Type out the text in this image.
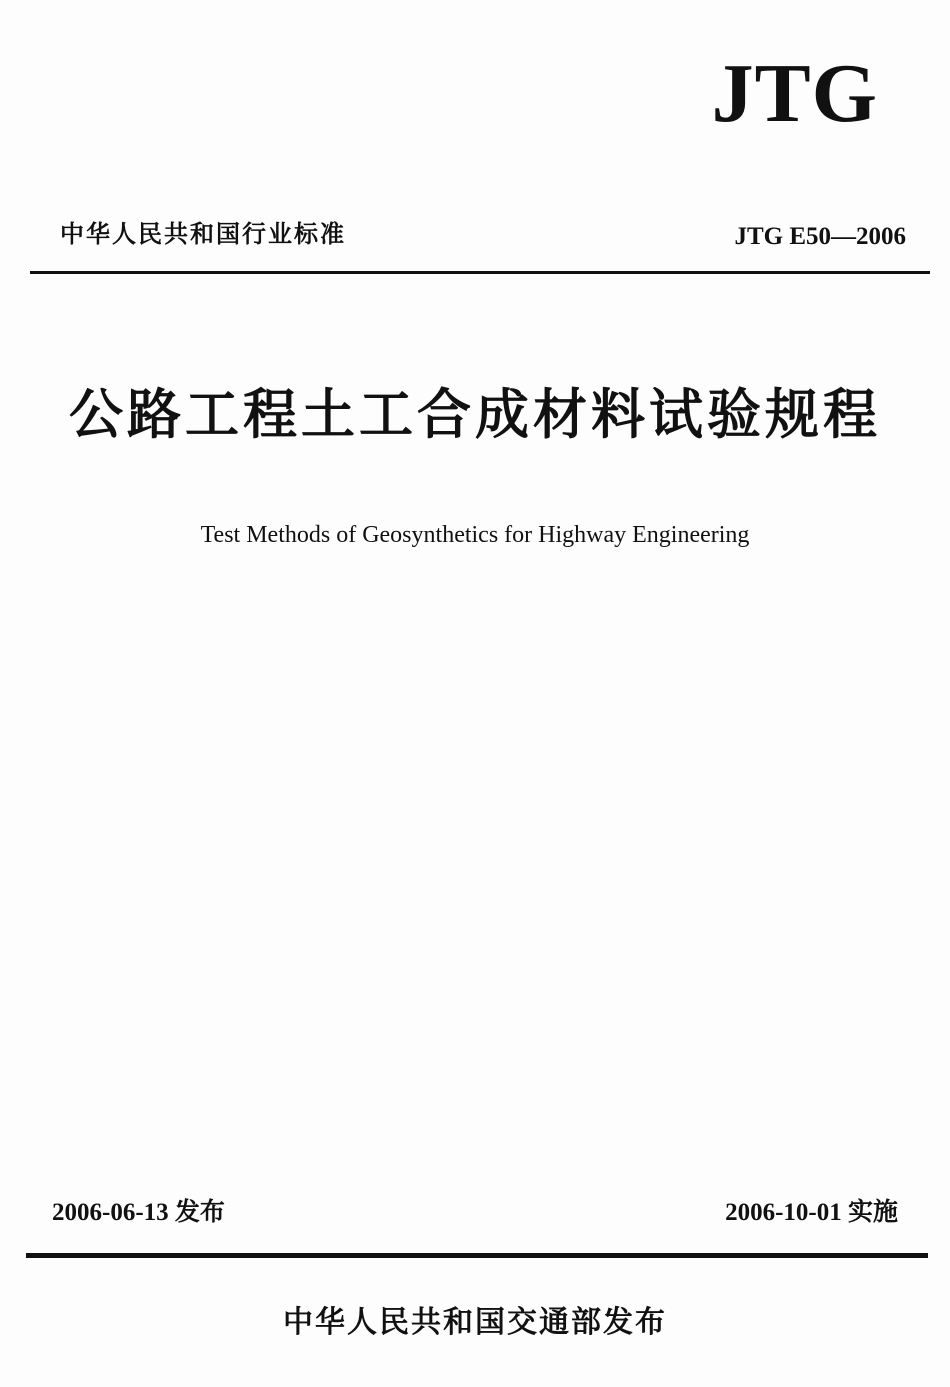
JTG
中华人民共和国行业标准	JTG E50—2006
公路工程土工合成材料试验规程
Test Methods of Geosynthetics for Highway Engineering
2006-06-13 发布	2006-10-01 实施
中华人民共和国交通部发布
